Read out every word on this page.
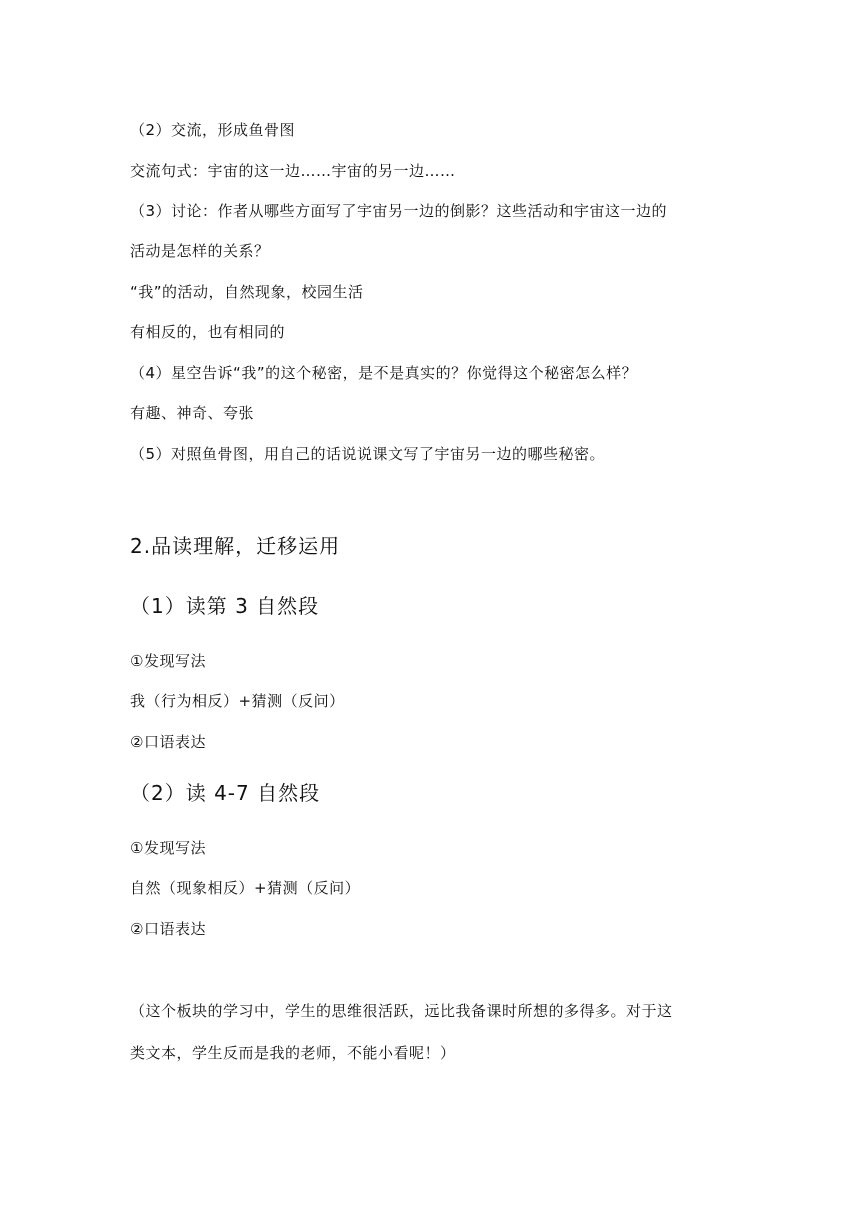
（2）交流，形成鱼骨图
交流句式：宇宙的这一边……宇宙的另一边……
（3）讨论：作者从哪些方面写了宇宙另一边的倒影？这些活动和宇宙这一边的
活动是怎样的关系？
“我”的活动，自然现象，校园生活
有相反的，也有相同的
（4）星空告诉“我”的这个秘密，是不是真实的？你觉得这个秘密怎么样？
有趣、神奇、夸张
（5）对照鱼骨图，用自己的话说说课文写了宇宙另一边的哪些秘密。
2.品读理解，迁移运用
（1）读第 3 自然段
①发现写法
我（行为相反）+猜测（反问）
②口语表达
（2）读 4-7 自然段
①发现写法
自然（现象相反）+猜测（反问）
②口语表达
（这个板块的学习中，学生的思维很活跃，远比我备课时所想的多得多。对于这
类文本，学生反而是我的老师，不能小看呢！）
